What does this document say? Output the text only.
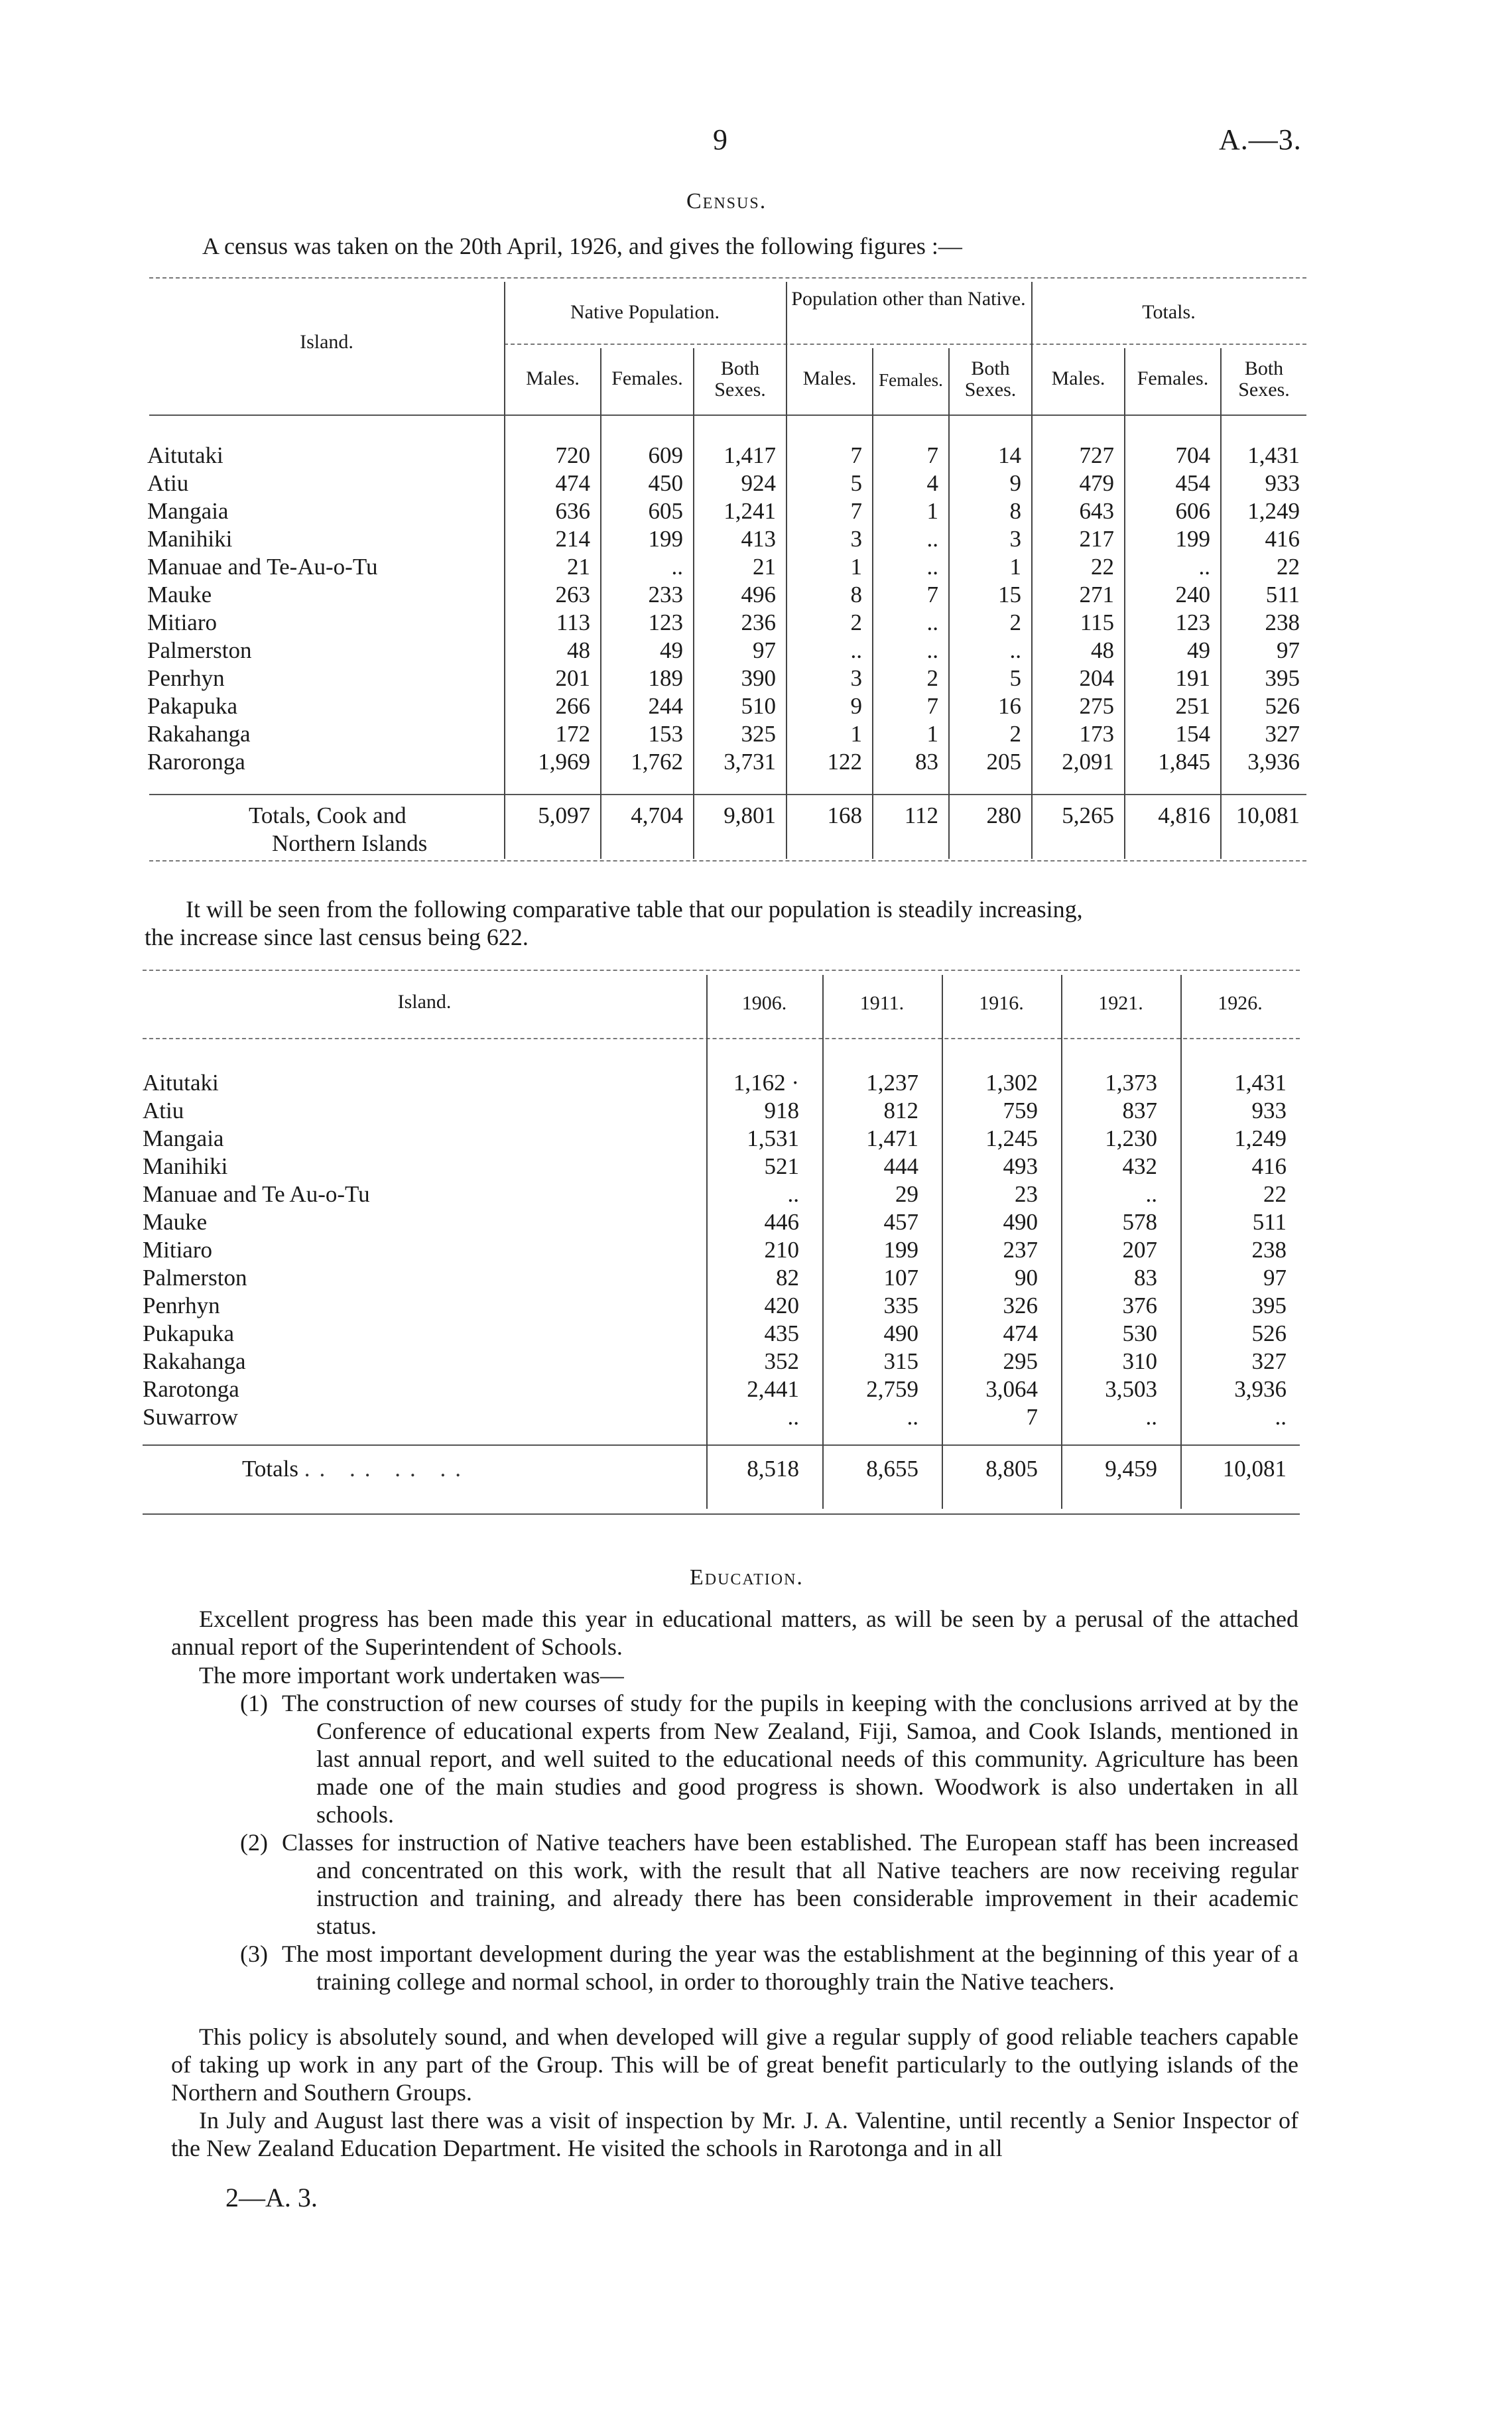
9	A.—3.
Census.
A census was taken on the 20th April, 1926, and gives the following figures :—
Island.
Native Population.
Population other than Native.
Totals.
Males.	Females.	Both Sexes.
Males.	Females.
Both Sexes.
Males.	Females.	Both Sexes.
Aitutaki	720	609	1,417	7	7	14	727	704	1,431
Atiu	474	450	924	5	4	9	479	454	933
Mangaia	636	605	1,241	7	1	8	643	606	1,249
Manihiki	214	199	413	3	..	3	217	199	416
Manuae and Te-Au-o-Tu	21	..	21	1	..	1	22	..	22
Mauke	263	233	496	8	7	15	271	240	511
Mitiaro	113	123	236	2	..	2	115	123	238
Palmerston	48	49	97	..	..	..	48	49	97
Penrhyn	201	189	390	3	2	5	204	191	395
Pakapuka	266	244	510	9	7	16	275	251	526
Rakahanga	172	153	325	1	1	2	173	154	327
Raroronga	1,969	1,762	3,731	122	83	205	2,091	1,845	3,936
Totals, Cook and
Northern Islands
5,097	4,704	9,801	168	112	280	5,265	4,816	10,081
It will be seen from the following comparative table that our population is steadily increasing,
the increase since last census being 622.
Island.	1906.	1911.	1916.	1921.	1926.
Aitutaki	1,162 ·	1,237	1,302	1,373	1,431
Atiu	918	812	759	837	933
Mangaia	1,531	1,471	1,245	1,230	1,249
Manihiki	521	444	493	432	416
Manuae and Te Au-o-Tu	..	29	23	..	22
Mauke	446	457	490	578	511
Mitiaro	210	199	237	207	238
Palmerston	82	107	90	83	97
Penrhyn	420	335	326	376	395
Pukapuka	435	490	474	530	526
Rakahanga	352	315	295	310	327
Rarotonga	2,441	2,759	3,064	3,503	3,936
Suwarrow	..	..	7	..	..
Totals .. .. .. ..	8,518	8,655	8,805	9,459	10,081
Education.
Excellent progress has been made this year in educational matters, as will be seen by a perusal of the attached annual report of the Superintendent of Schools.
The more important work undertaken was—
(1) The construction of new courses of study for the pupils in keeping with the conclusions arrived at by the Conference of educational experts from New Zealand, Fiji, Samoa, and Cook Islands, mentioned in last annual report, and well suited to the educational needs of this community. Agriculture has been made one of the main studies and good progress is shown. Woodwork is also undertaken in all schools.
(2) Classes for instruction of Native teachers have been established. The European staff has been increased and concentrated on this work, with the result that all Native teachers are now receiving regular instruction and training, and already there has been considerable improvement in their academic status.
(3) The most important development during the year was the establishment at the beginning of this year of a training college and normal school, in order to thoroughly train the Native teachers.
This policy is absolutely sound, and when developed will give a regular supply of good reliable teachers capable of taking up work in any part of the Group. This will be of great benefit particularly to the outlying islands of the Northern and Southern Groups.
In July and August last there was a visit of inspection by Mr. J. A. Valentine, until recently a Senior Inspector of the New Zealand Education Department. He visited the schools in Rarotonga and in all
2—A. 3.
